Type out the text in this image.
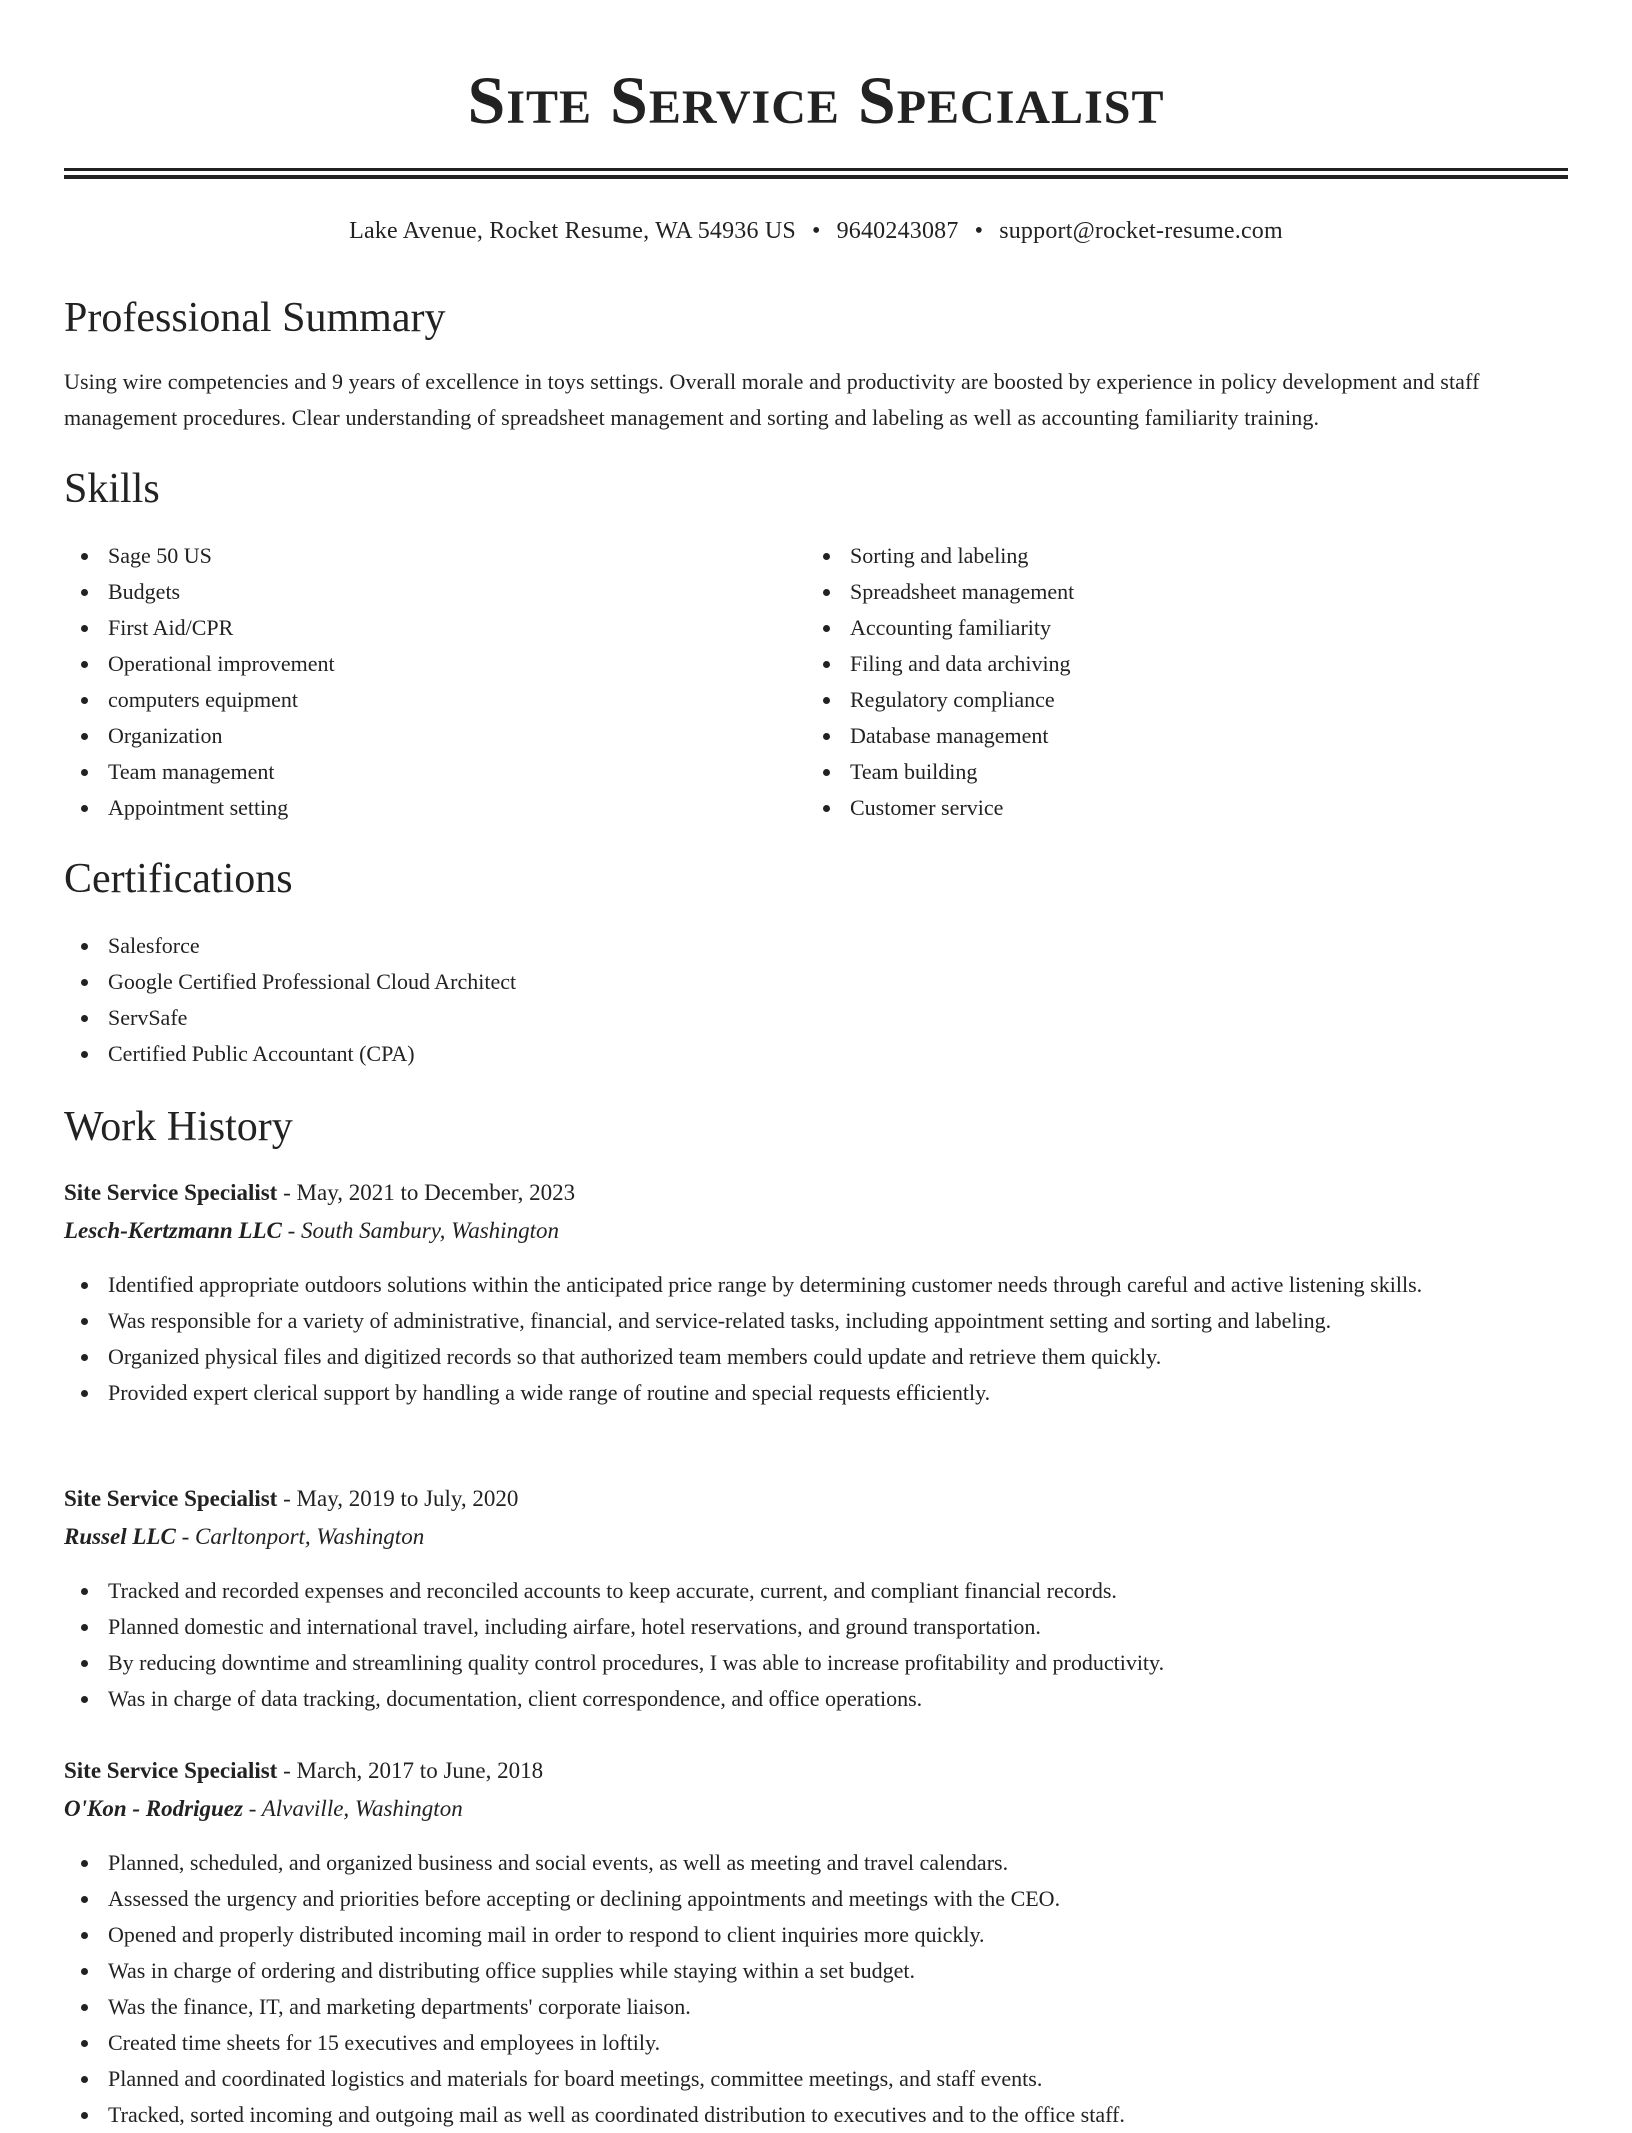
Site Service Specialist
Lake Avenue, Rocket Resume, WA 54936 US • 9640243087 • support@rocket-resume.com
Professional Summary

Using wire competencies and 9 years of excellence in toys settings. Overall morale and productivity are boosted by experience in policy development and staff management procedures. Clear understanding of spreadsheet management and sorting and labeling as well as accounting familiarity training.

Skills
Sage 50 US
Budgets
First Aid/CPR
Operational improvement
computers equipment
Organization
Team management
Appointment setting
Sorting and labeling
Spreadsheet management
Accounting familiarity
Filing and data archiving
Regulatory compliance
Database management
Team building
Customer service
Certifications
Salesforce
Google Certified Professional Cloud Architect
ServSafe
Certified Public Accountant (CPA)
Work History

Site Service Specialist - May, 2021 to December, 2023

Lesch-Kertzmann LLC - South Sambury, Washington

Identified appropriate outdoors solutions within the anticipated price range by determining customer needs through careful and active listening skills.
Was responsible for a variety of administrative, financial, and service-related tasks, including appointment setting and sorting and labeling.
Organized physical files and digitized records so that authorized team members could update and retrieve them quickly.
Provided expert clerical support by handling a wide range of routine and special requests efficiently.

Site Service Specialist - May, 2019 to July, 2020

Russel LLC - Carltonport, Washington

Tracked and recorded expenses and reconciled accounts to keep accurate, current, and compliant financial records.
Planned domestic and international travel, including airfare, hotel reservations, and ground transportation.
By reducing downtime and streamlining quality control procedures, I was able to increase profitability and productivity.
Was in charge of data tracking, documentation, client correspondence, and office operations.

Site Service Specialist - March, 2017 to June, 2018

O'Kon - Rodriguez - Alvaville, Washington

Planned, scheduled, and organized business and social events, as well as meeting and travel calendars.
Assessed the urgency and priorities before accepting or declining appointments and meetings with the CEO.
Opened and properly distributed incoming mail in order to respond to client inquiries more quickly.
Was in charge of ordering and distributing office supplies while staying within a set budget.
Was the finance, IT, and marketing departments' corporate liaison.
Created time sheets for 15 executives and employees in loftily.
Planned and coordinated logistics and materials for board meetings, committee meetings, and staff events.
Tracked, sorted incoming and outgoing mail as well as coordinated distribution to executives and to the office staff.
